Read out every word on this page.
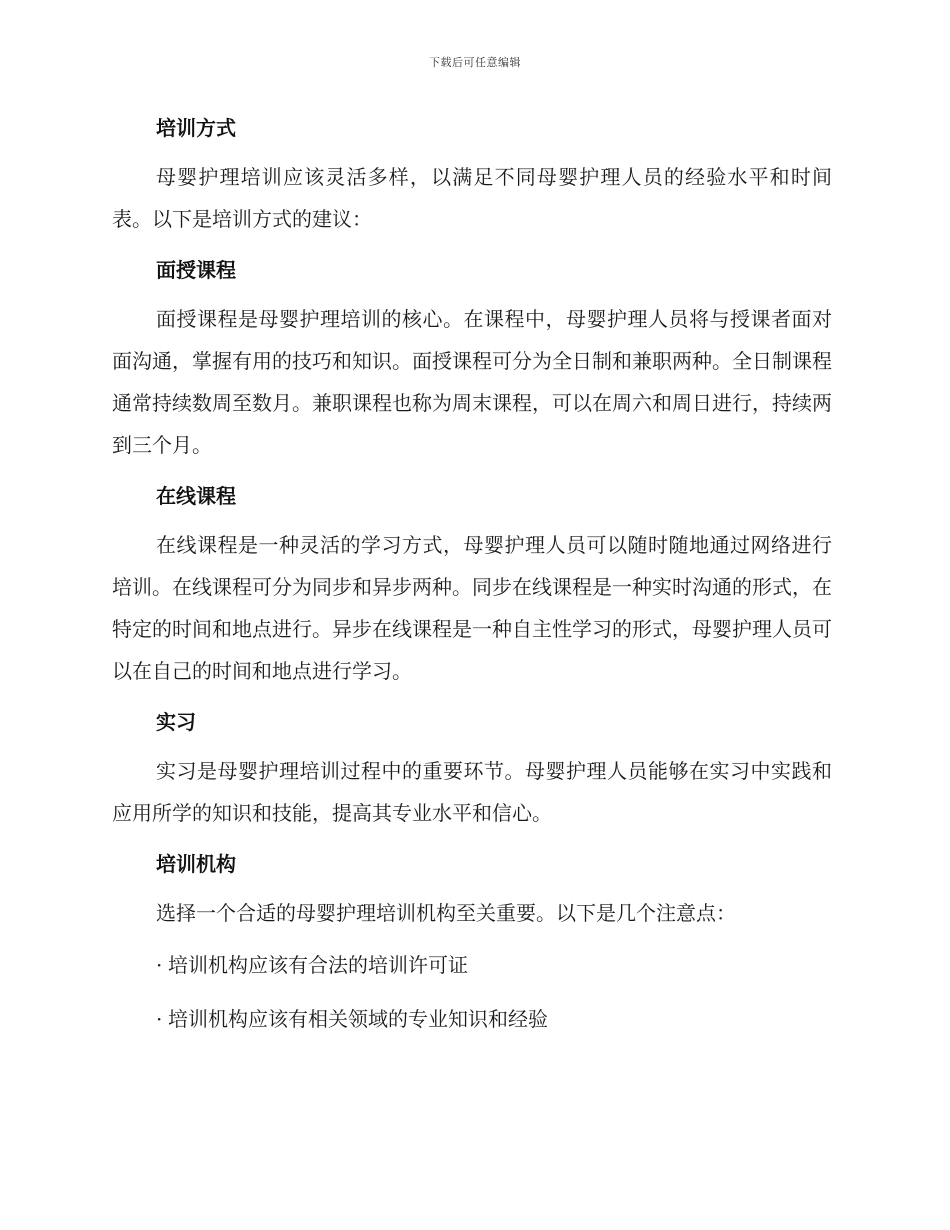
下载后可任意编辑
培训方式

母婴护理培训应该灵活多样，以满足不同母婴护理人员的经验水平和时间表。以下是培训方式的建议：

面授课程

面授课程是母婴护理培训的核心。在课程中，母婴护理人员将与授课者面对面沟通，掌握有用的技巧和知识。面授课程可分为全日制和兼职两种。全日制课程通常持续数周至数月。兼职课程也称为周末课程，可以在周六和周日进行，持续两到三个月。

在线课程

在线课程是一种灵活的学习方式，母婴护理人员可以随时随地通过网络进行培训。在线课程可分为同步和异步两种。同步在线课程是一种实时沟通的形式，在特定的时间和地点进行。异步在线课程是一种自主性学习的形式，母婴护理人员可以在自己的时间和地点进行学习。

实习

实习是母婴护理培训过程中的重要环节。母婴护理人员能够在实习中实践和应用所学的知识和技能，提高其专业水平和信心。

培训机构

选择一个合适的母婴护理培训机构至关重要。以下是几个注意点：

· 培训机构应该有合法的培训许可证
· 培训机构应该有相关领域的专业知识和经验
